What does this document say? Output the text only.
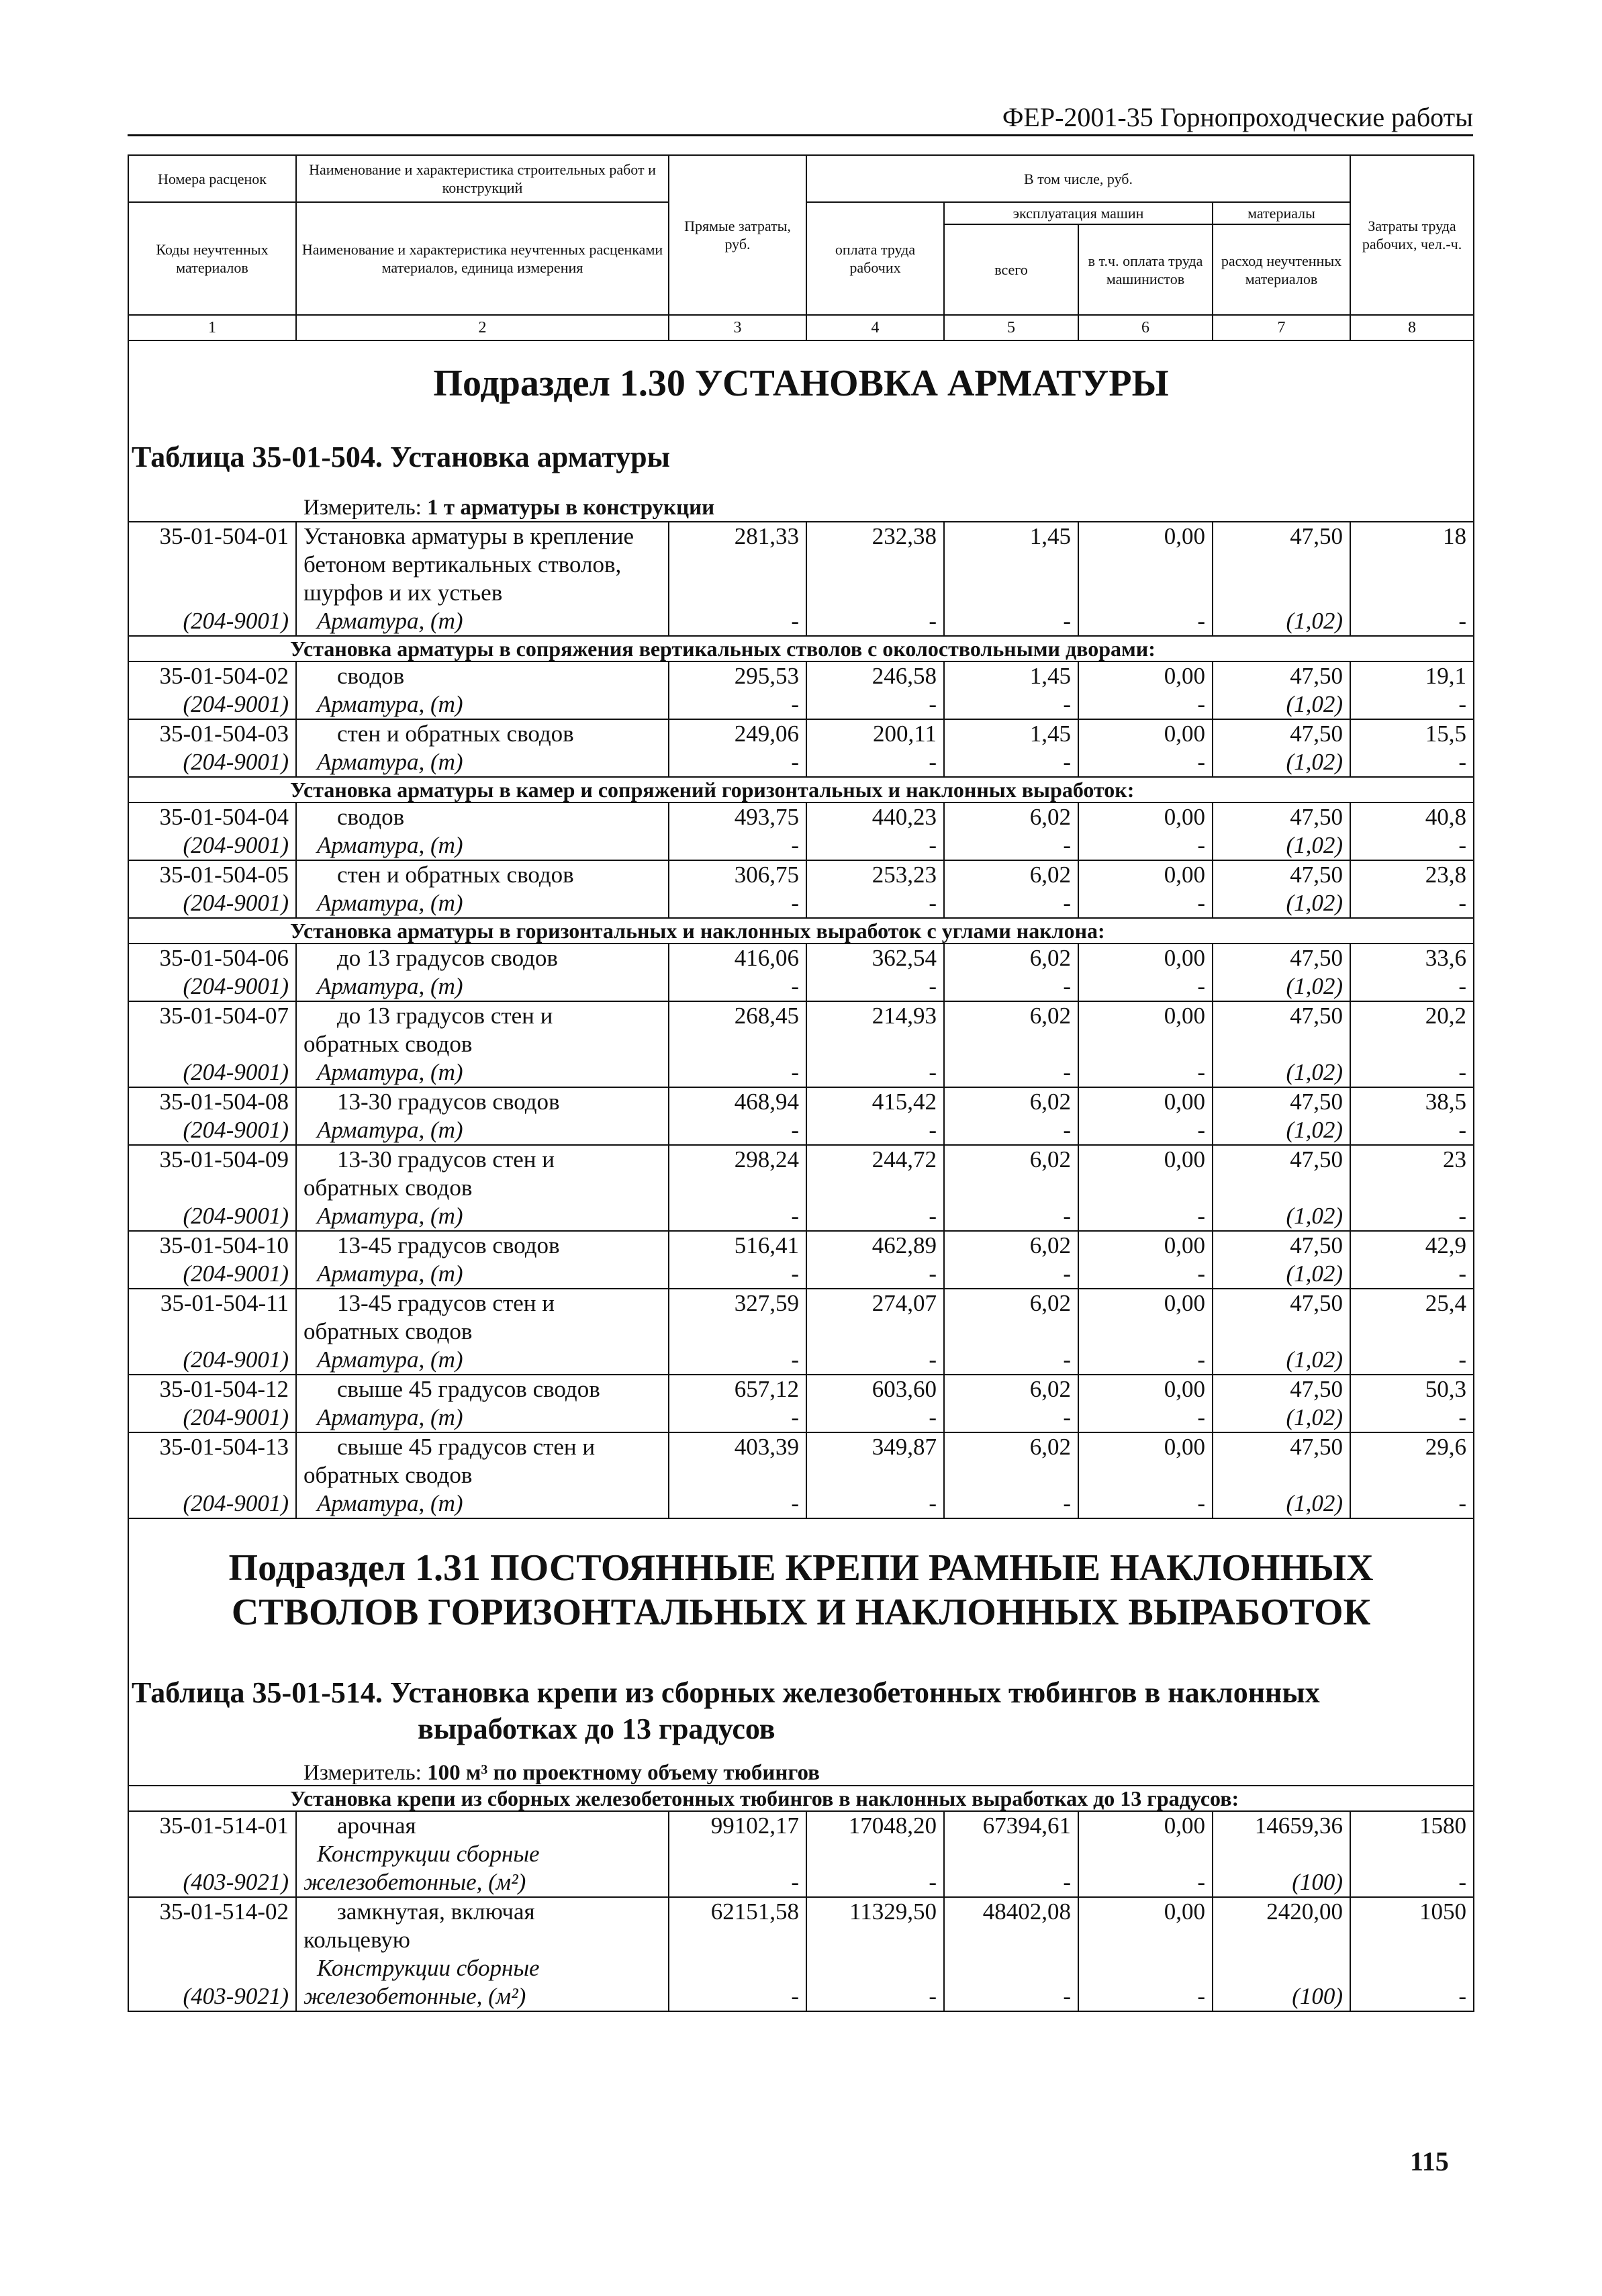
ФЕР-2001-35 Горнопроходческие работы
Номера расценок	Наименование и характеристика строительных работ и конструкций	Прямые затраты, руб.	В том числе, руб.				Затраты труда рабочих, чел.-ч.
Коды неучтенных материалов	Наименование и характеристика неучтенных расценками материалов, единица измерения		оплата труда рабочих	эксплуатация машин		материалы	
				всего	в т.ч. оплата труда машинистов	расход неучтенных материалов	
1	2	3	4	5	6	7	8

Подраздел 1.30 УСТАНОВКА АРМАТУРЫ
Таблица 35-01-504. Установка арматуры							

Измеритель: 1 т арматуры в конструкции							
35-01-504-01	Установка арматуры в крепление
бетоном вертикальных стволов,
шурфов и их устьев	281,33	232,38	1,45	0,00	47,50	18
(204-9001)	Арматура, (т)	-	-	-	-	(1,02)	-
Установка арматуры в сопряжения вертикальных стволов с околоствольными дворами:							
35-01-504-02	сводов	295,53	246,58	1,45	0,00	47,50	19,1
(204-9001)	Арматура, (т)	-	-	-	-	(1,02)	-
35-01-504-03	стен и обратных сводов	249,06	200,11	1,45	0,00	47,50	15,5
(204-9001)	Арматура, (т)	-	-	-	-	(1,02)	-
Установка арматуры в камер и сопряжений горизонтальных и наклонных выработок:							
35-01-504-04	сводов	493,75	440,23	6,02	0,00	47,50	40,8
(204-9001)	Арматура, (т)	-	-	-	-	(1,02)	-
35-01-504-05	стен и обратных сводов	306,75	253,23	6,02	0,00	47,50	23,8
(204-9001)	Арматура, (т)	-	-	-	-	(1,02)	-
Установка арматуры в горизонтальных и наклонных выработок с углами наклона:							
35-01-504-06	до 13 градусов сводов	416,06	362,54	6,02	0,00	47,50	33,6
(204-9001)	Арматура, (т)	-	-	-	-	(1,02)	-
35-01-504-07	до 13 градусов стен и
обратных сводов	268,45	214,93	6,02	0,00	47,50	20,2
(204-9001)	Арматура, (т)	-	-	-	-	(1,02)	-
35-01-504-08	13-30 градусов сводов	468,94	415,42	6,02	0,00	47,50	38,5
(204-9001)	Арматура, (т)	-	-	-	-	(1,02)	-
35-01-504-09	13-30 градусов стен и
обратных сводов	298,24	244,72	6,02	0,00	47,50	23
(204-9001)	Арматура, (т)	-	-	-	-	(1,02)	-
35-01-504-10	13-45 градусов сводов	516,41	462,89	6,02	0,00	47,50	42,9
(204-9001)	Арматура, (т)	-	-	-	-	(1,02)	-
35-01-504-11	13-45 градусов стен и
обратных сводов	327,59	274,07	6,02	0,00	47,50	25,4
(204-9001)	Арматура, (т)	-	-	-	-	(1,02)	-
35-01-504-12	свыше 45 градусов сводов	657,12	603,60	6,02	0,00	47,50	50,3
(204-9001)	Арматура, (т)	-	-	-	-	(1,02)	-
35-01-504-13	свыше 45 градусов стен и
обратных сводов	403,39	349,87	6,02	0,00	47,50	29,6
(204-9001)	Арматура, (т)	-	-	-	-	(1,02)	-

Подраздел 1.31 ПОСТОЯННЫЕ КРЕПИ РАМНЫЕ НАКЛОННЫХ
СТВОЛОВ ГОРИЗОНТАЛЬНЫХ И НАКЛОННЫХ ВЫРАБОТОК
Таблица 35-01-514. Установка крепи из сборных железобетонных тюбингов в наклонных
выработках до 13 градусов							

Измеритель: 100 м³ по проектному объему тюбингов							
Установка крепи из сборных железобетонных тюбингов в наклонных выработках до 13 градусов:							
35-01-514-01	арочная	99102,17	17048,20	67394,61	0,00	14659,36	1580
(403-9021)	Конструкции сборные
железобетонные, (м²)	-	-	-	-	(100)	-
35-01-514-02	замкнутая, включая
кольцевую	62151,58	11329,50	48402,08	0,00	2420,00	1050
(403-9021)	Конструкции сборные
железобетонные, (м²)	-	-	-	-	(100)	-
115
